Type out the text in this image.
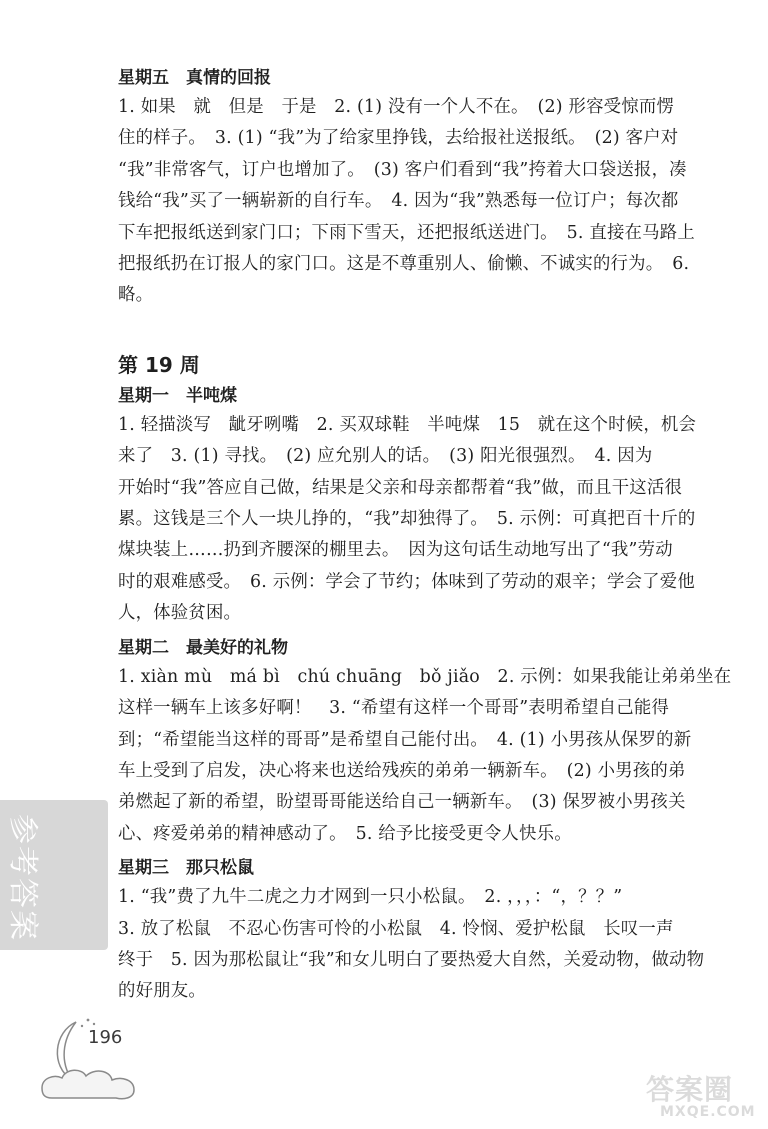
星期五　真情的回报
1. 如果　就　但是　于是　2. (1) 没有一个人不在。　(2) 形容受惊而愣
住的样子。　3. (1) “我”为了给家里挣钱，去给报社送报纸。　(2) 客户对
“我”非常客气，订户也增加了。　(3) 客户们看到“我”挎着大口袋送报，凑
钱给“我”买了一辆崭新的自行车。　4. 因为“我”熟悉每一位订户；每次都
下车把报纸送到家门口；下雨下雪天，还把报纸送进门。　5. 直接在马路上
把报纸扔在订报人的家门口。这是不尊重别人、偷懒、不诚实的行为。　6.
略。
第 19 周
星期一　半吨煤
1. 轻描淡写　龇牙咧嘴　2. 买双球鞋　半吨煤　15　就在这个时候，机会
来了　3. (1) 寻找。　(2) 应允别人的话。　(3) 阳光很强烈。　4. 因为
开始时“我”答应自己做，结果是父亲和母亲都帮着“我”做，而且干这活很
累。这钱是三个人一块儿挣的，“我”却独得了。　5. 示例：可真把百十斤的
煤块装上……扔到齐腰深的棚里去。　因为这句话生动地写出了“我”劳动
时的艰难感受。　6. 示例：学会了节约；体味到了劳动的艰辛；学会了爱他
人，体验贫困。
星期二　最美好的礼物
1. xiàn mù　má bì　chú chuāng　bǒ jiǎo　2. 示例：如果我能让弟弟坐在
这样一辆车上该多好啊！　3. “希望有这样一个哥哥”表明希望自己能得
到；“希望能当这样的哥哥”是希望自己能付出。　4. (1) 小男孩从保罗的新
车上受到了启发，决心将来也送给残疾的弟弟一辆新车。　(2) 小男孩的弟
弟燃起了新的希望，盼望哥哥能送给自己一辆新车。　(3) 保罗被小男孩关
心、疼爱弟弟的精神感动了。　5. 给予比接受更令人快乐。
星期三　那只松鼠
1. “我”费了九牛二虎之力才网到一只小松鼠。　2. ，，，：“，？？”
3. 放了松鼠　不忍心伤害可怜的小松鼠　4. 怜悯、爱护松鼠　长叹一声
终于　5. 因为那松鼠让“我”和女儿明白了要热爱大自然，关爱动物，做动物
的好朋友。
参考答案
196
答案圈
MXQE.COM
